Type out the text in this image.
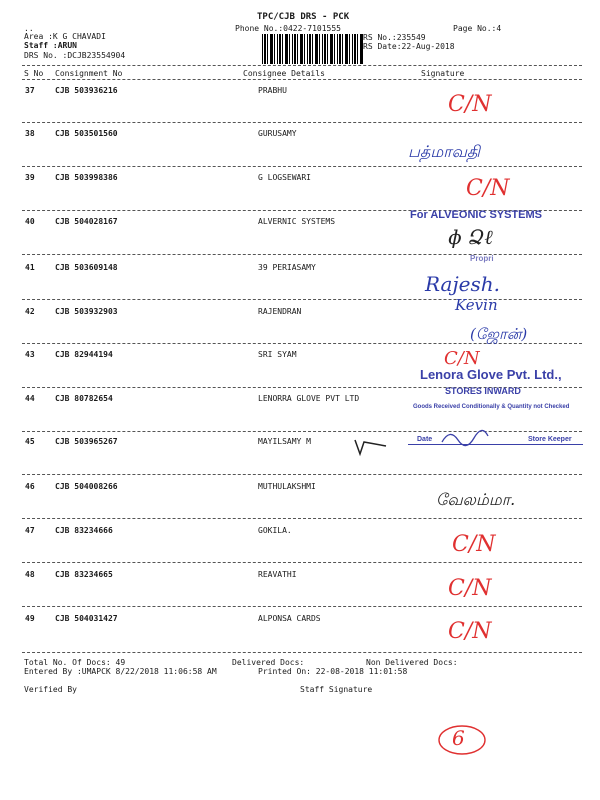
..
TPC/CJB DRS - PCK
Phone No.:0422-7101555	Page No.:4
Area :K G CHAVADI
Staff :ARUN
DRS No. :DCJB23554904
RS No.:235549
RS Date:22-Aug-2018
S No Consignment No	Consignee Details	Signature
37	CJB 503936216	PRABHU
38	CJB 503501560	GURUSAMY
39	CJB 503998386	G LOGSEWARI
40	CJB 504028167	ALVERNIC SYSTEMS
41	CJB 503609148	39 PERIASAMY
42	CJB 503932903	RAJENDRAN
43	CJB 82944194	SRI SYAM
44	CJB 80782654	LENORRA GLOVE PVT LTD
45	CJB 503965267	MAYILSAMY M
46	CJB 504008266	MUTHULAKSHMI
47	CJB 83234666	GOKILA.
48	CJB 83234665	REAVATHI
49	CJB 504031427	ALPONSA CARDS
C/N
பத்மாவதி
C/N
For ALVEONIC SYSTEMS
ɸ Ձℓ
Propri
Rajesh.
Kevin
(ஜோன்)
C/N
Lenora Glove Pvt. Ltd.,
STORES INWARD
Goods Received Conditionally & Quantity not Checked
Date	Store Keeper
வேலம்மா.
C/N
C/N
C/N
Total No. Of Docs: 49	Delivered Docs:	Non Delivered Docs:
Entered By :UMAPCK 8/22/2018 11:06:58 AM	Printed On: 22-08-2018 11:01:58
Verified By	Staff Signature
6
